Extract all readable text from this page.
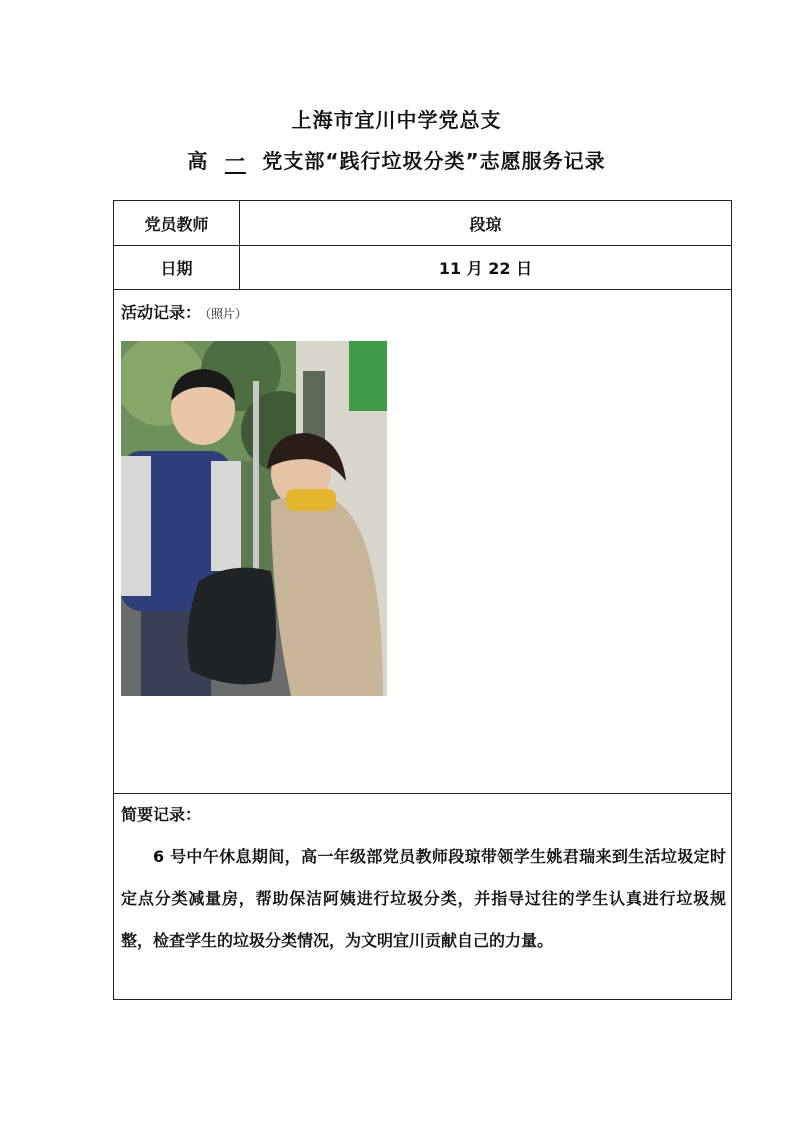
上海市宜川中学党总支
高 一 党支部“践行垃圾分类”志愿服务记录
党员教师	段琼
日期	11 月 22 日
活动记录： （照片）
简要记录：
6 号中午休息期间，高一年级部党员教师段琼带领学生姚君瑞来到生活垃圾定时定点分类减量房，帮助保洁阿姨进行垃圾分类，并指导过往的学生认真进行垃圾规整，检查学生的垃圾分类情况，为文明宜川贡献自己的力量。
